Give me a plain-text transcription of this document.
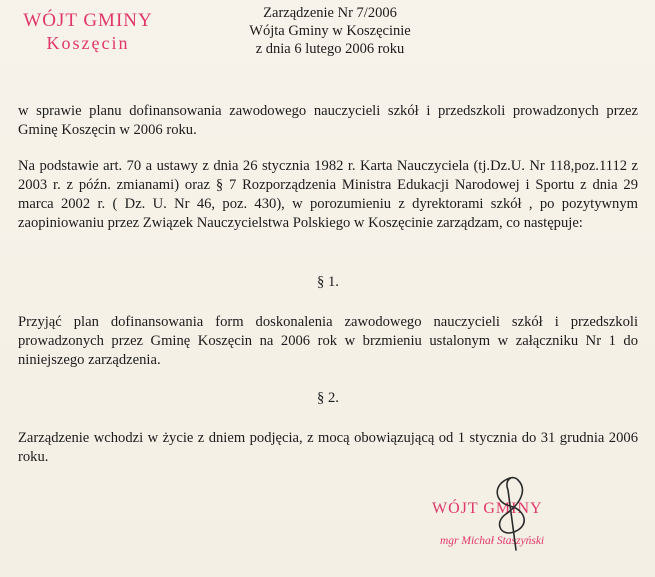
WÓJT GMINY
Koszęcin
Zarządzenie Nr 7/2006
Wójta Gminy w Koszęcinie
z dnia 6 lutego 2006 roku
w sprawie planu dofinansowania zawodowego nauczycieli szkół i przedszkoli prowadzonych przez Gminę Koszęcin w 2006 roku.
Na podstawie art. 70 a ustawy z dnia 26 stycznia 1982 r. Karta Nauczyciela (tj.Dz.U. Nr 118,poz.1112 z 2003 r. z późn. zmianami) oraz § 7 Rozporządzenia Ministra Edukacji Narodowej i Sportu z dnia 29 marca 2002 r. ( Dz. U. Nr 46, poz. 430), w porozumieniu z dyrektorami szkół , po pozytywnym zaopiniowaniu przez Związek Nauczycielstwa Polskiego w Koszęcinie zarządzam, co następuje:
§ 1.
Przyjąć plan dofinansowania form doskonalenia zawodowego nauczycieli szkół i przedszkoli prowadzonych przez Gminę Koszęcin na 2006 rok w brzmieniu ustalonym w załączniku Nr 1 do niniejszego zarządzenia.
§ 2.
Zarządzenie wchodzi w życie z dniem podjęcia, z mocą obowiązującą od 1 stycznia do 31 grudnia 2006 roku.
WÓJT GMINY
mgr Michał Staszyński
